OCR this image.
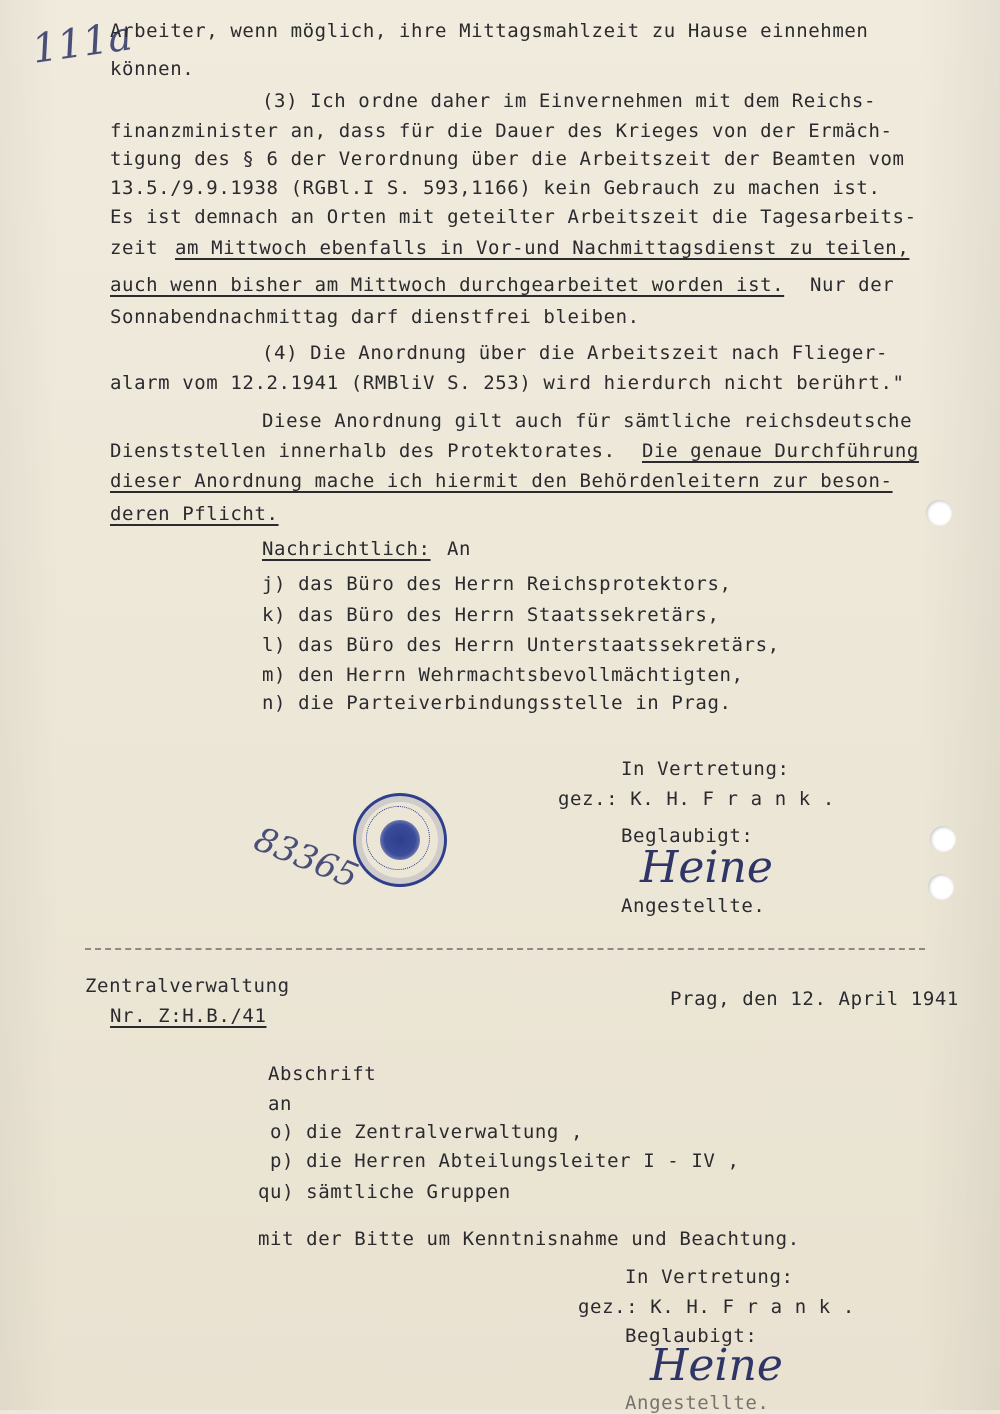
111a
Arbeiter, wenn möglich, ihre Mittagsmahlzeit zu Hause einnehmen
können.
(3) Ich ordne daher im Einvernehmen mit dem Reichs-
finanzminister an, dass für die Dauer des Krieges von der Ermäch-
tigung des § 6 der Verordnung über die Arbeitszeit der Beamten vom
13.5./9.9.1938 (RGBl.I S. 593,1166) kein Gebrauch zu machen ist.
Es ist demnach an Orten mit geteilter Arbeitszeit die Tagesarbeits-
zeit am Mittwoch ebenfalls in Vor-und Nachmittagsdienst zu teilen,
auch wenn bisher am Mittwoch durchgearbeitet worden ist. Nur der
Sonnabendnachmittag darf dienstfrei bleiben.
(4) Die Anordnung über die Arbeitszeit nach Flieger-
alarm vom 12.2.1941 (RMBliV S. 253) wird hierdurch nicht berührt."
Diese Anordnung gilt auch für sämtliche reichsdeutsche
Dienststellen innerhalb des Protektorates. Die genaue Durchführung
dieser Anordnung mache ich hiermit den Behördenleitern zur beson-
deren Pflicht.
Nachrichtlich: An
j) das Büro des Herrn Reichsprotektors,
k) das Büro des Herrn Staatssekretärs,
l) das Büro des Herrn Unterstaatssekretärs,
m) den Herrn Wehrmachtsbevollmächtigten,
n) die Parteiverbindungsstelle in Prag.
In Vertretung:
gez.: K. H. F r a n k .
Beglaubigt:
Heine
Angestellte.
83365
Zentralverwaltung
Nr. Z:H.B./41
Prag, den 12. April 1941
Abschrift
an
o) die Zentralverwaltung ,
p) die Herren Abteilungsleiter I - IV ,
qu) sämtliche Gruppen
mit der Bitte um Kenntnisnahme und Beachtung.
In Vertretung:
gez.: K. H. F r a n k .
Beglaubigt:
Heine
Angestellte.
